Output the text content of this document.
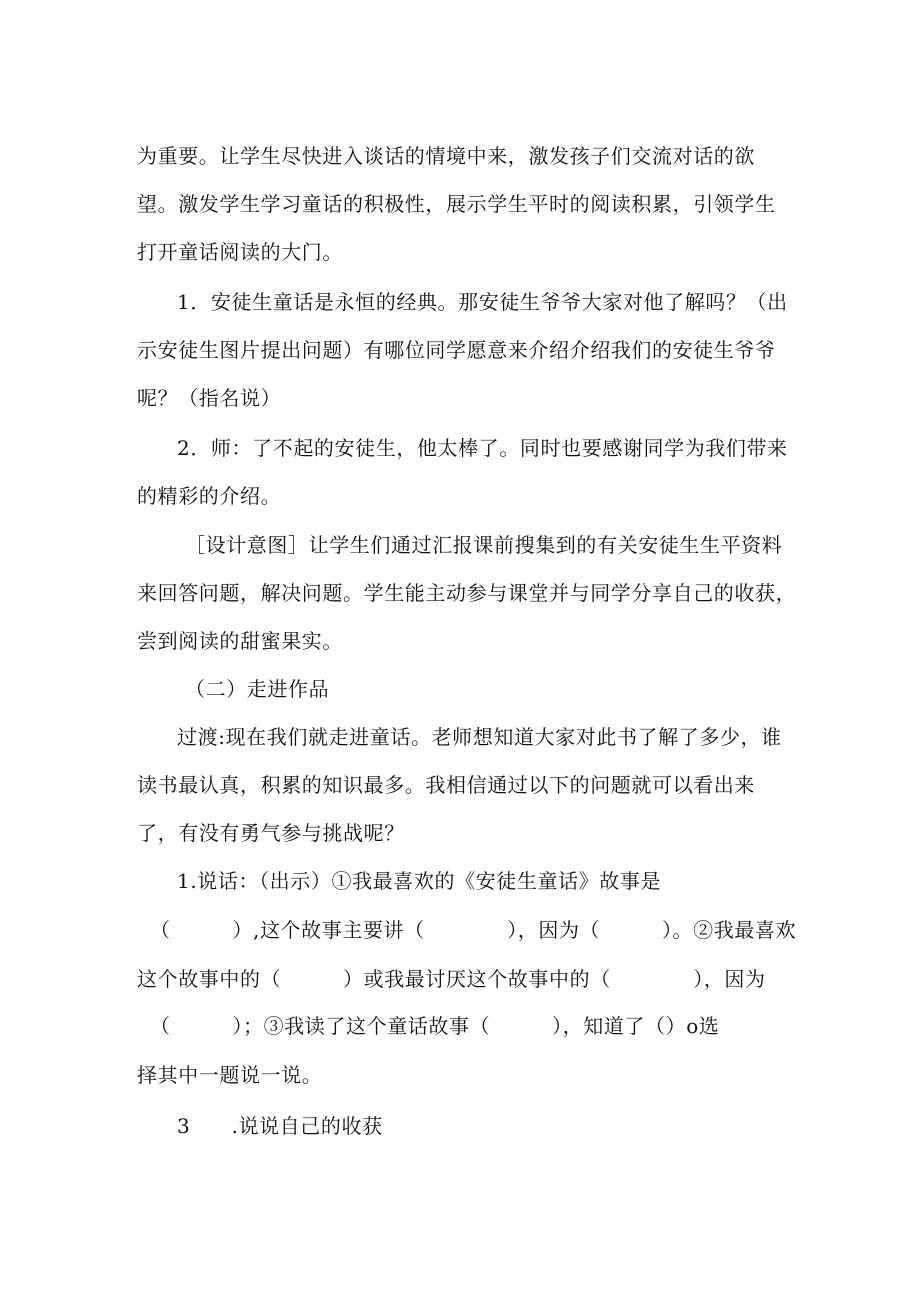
为重要。让学生尽快进入谈话的情境中来，激发孩子们交流对话的欲
望。激发学生学习童话的积极性，展示学生平时的阅读积累，引领学生
打开童话阅读的大门。
1．安徒生童话是永恒的经典。那安徒生爷爷大家对他了解吗？（出
示安徒生图片提出问题）有哪位同学愿意来介绍介绍我们的安徒生爷爷
呢？（指名说）
2．师：了不起的安徒生，他太棒了。同时也要感谢同学为我们带来
的精彩的介绍。
［设计意图］让学生们通过汇报课前搜集到的有关安徒生生平资料
来回答问题，解决问题。学生能主动参与课堂并与同学分享自己的收获，
尝到阅读的甜蜜果实。
（二）走进作品
过渡:现在我们就走进童话。老师想知道大家对此书了解了多少，谁
读书最认真，积累的知识最多。我相信通过以下的问题就可以看出来
了，有没有勇气参与挑战呢？
1.说话：（出示）①我最喜欢的《安徒生童话》故事是
（　　　）,这个故事主要讲（　　　　），因为（　　　）。②我最喜欢
这个故事中的（　　　）或我最讨厌这个故事中的（　　　　），因为
（　　　）；③我读了这个童话故事（　　　），知道了（）o选
择其中一题说一说。
3　　.说说自己的收获
